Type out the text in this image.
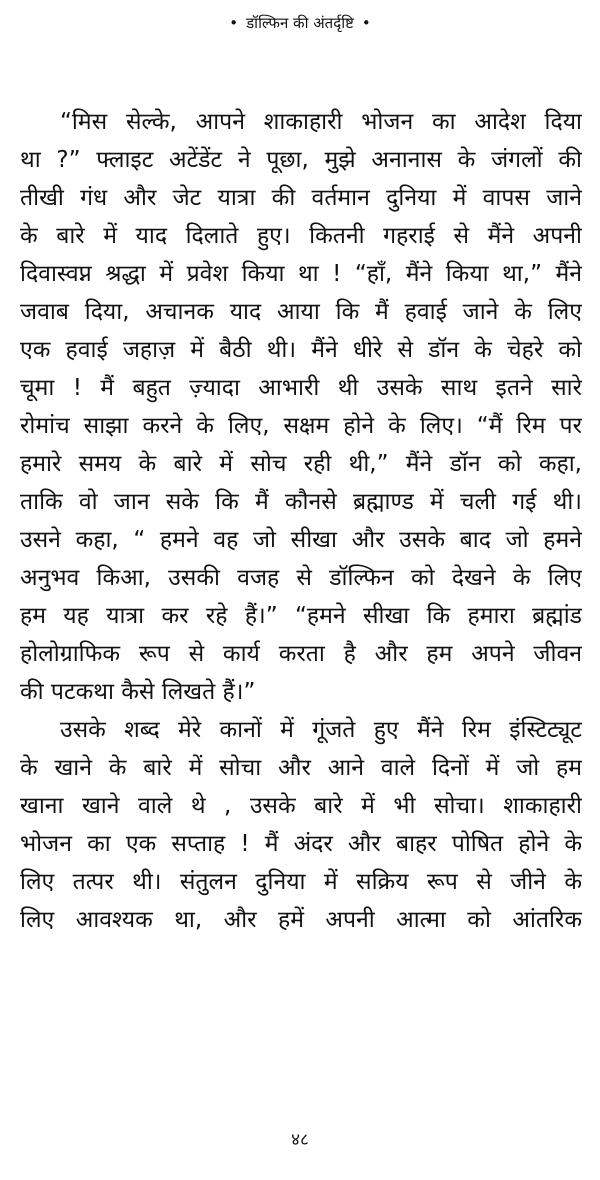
• डॉल्फिन की अंतर्दृष्टि •
“मिस सेल्के, आपने शाकाहारी भोजन का आदेश दिया
था ?” फ्लाइट अटेंडेंट ने पूछा, मुझे अनानास के जंगलों की
तीखी गंध और जेट यात्रा की वर्तमान दुनिया में वापस जाने
के बारे में याद दिलाते हुए। कितनी गहराई से मैंने अपनी
दिवास्वप्न श्रद्धा में प्रवेश किया था ! “हाँ, मैंने किया था,” मैंने
जवाब दिया, अचानक याद आया कि मैं हवाई जाने के लिए
एक हवाई जहाज़ में बैठी थी। मैंने धीरे से डॉन के चेहरे को
चूमा ! मैं बहुत ज़्यादा आभारी थी उसके साथ इतने सारे
रोमांच साझा करने के लिए, सक्षम होने के लिए। “मैं रिम पर
हमारे समय के बारे में सोच रही थी,” मैंने डॉन को कहा,
ताकि वो जान सके कि मैं कौनसे ब्रह्माण्ड में चली गई थी।
उसने कहा, “ हमने वह जो सीखा और उसके बाद जो हमने
अनुभव किआ, उसकी वजह से डॉल्फिन को देखने के लिए
हम यह यात्रा कर रहे हैं।” “हमने सीखा कि हमारा ब्रह्मांड
होलोग्राफिक रूप से कार्य करता है और हम अपने जीवन
की पटकथा कैसे लिखते हैं।”
उसके शब्द मेरे कानों में गूंजते हुए मैंने रिम इंस्टिट्यूट
के खाने के बारे में सोचा और आने वाले दिनों में जो हम
खाना खाने वाले थे , उसके बारे में भी सोचा। शाकाहारी
भोजन का एक सप्ताह ! मैं अंदर और बाहर पोषित होने के
लिए तत्पर थी। संतुलन दुनिया में सक्रिय रूप से जीने के
लिए आवश्यक था, और हमें अपनी आत्मा को आंतरिक
४८
